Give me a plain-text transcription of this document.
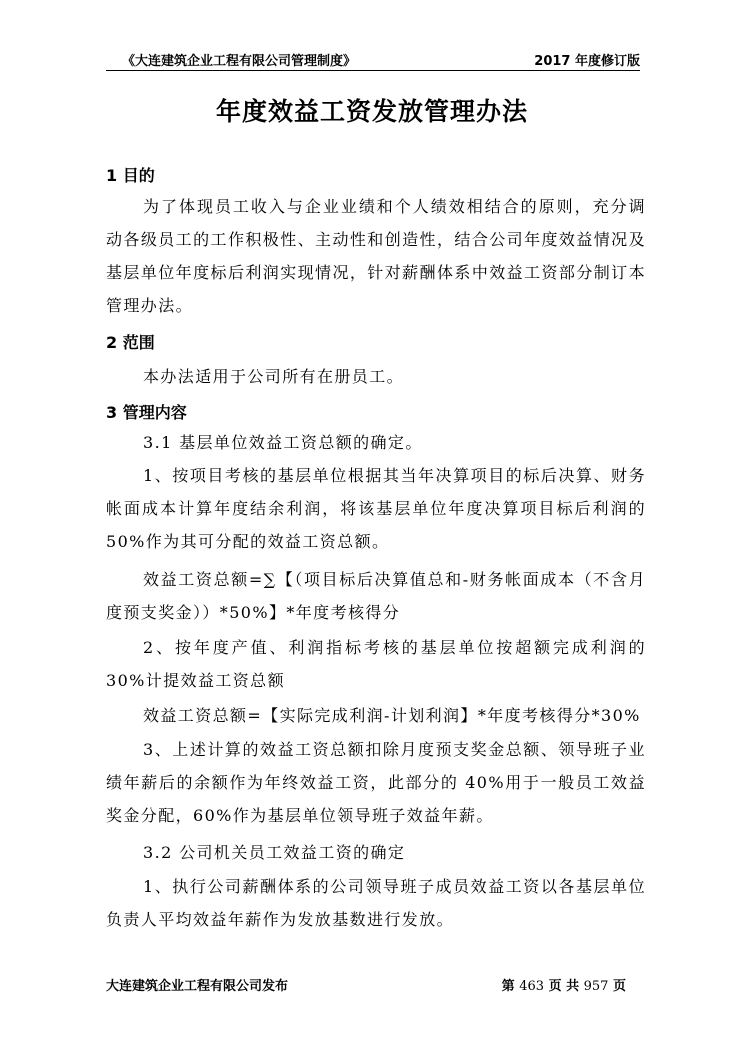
《大连建筑企业工程有限公司管理制度》	2017 年度修订版
年度效益工资发放管理办法
1 目的

为了体现员工收入与企业业绩和个人绩效相结合的原则，充分调动各级员工的工作积极性、主动性和创造性，结合公司年度效益情况及基层单位年度标后利润实现情况，针对薪酬体系中效益工资部分制订本管理办法。

2 范围

本办法适用于公司所有在册员工。

3 管理内容

3.1 基层单位效益工资总额的确定。

1、按项目考核的基层单位根据其当年决算项目的标后决算、财务帐面成本计算年度结余利润，将该基层单位年度决算项目标后利润的50%作为其可分配的效益工资总额。

效益工资总额=∑【（项目标后决算值总和-财务帐面成本（不含月度预支奖金））*50%】*年度考核得分

2、按年度产值、利润指标考核的基层单位按超额完成利润的 30%计提效益工资总额

效益工资总额=【实际完成利润-计划利润】*年度考核得分*30%

3、上述计算的效益工资总额扣除月度预支奖金总额、领导班子业绩年薪后的余额作为年终效益工资，此部分的 40%用于一般员工效益奖金分配，60%作为基层单位领导班子效益年薪。

3.2 公司机关员工效益工资的确定

1、执行公司薪酬体系的公司领导班子成员效益工资以各基层单位负责人平均效益年薪作为发放基数进行发放。

大连建筑企业工程有限公司发布	第 463 页 共 957 页
